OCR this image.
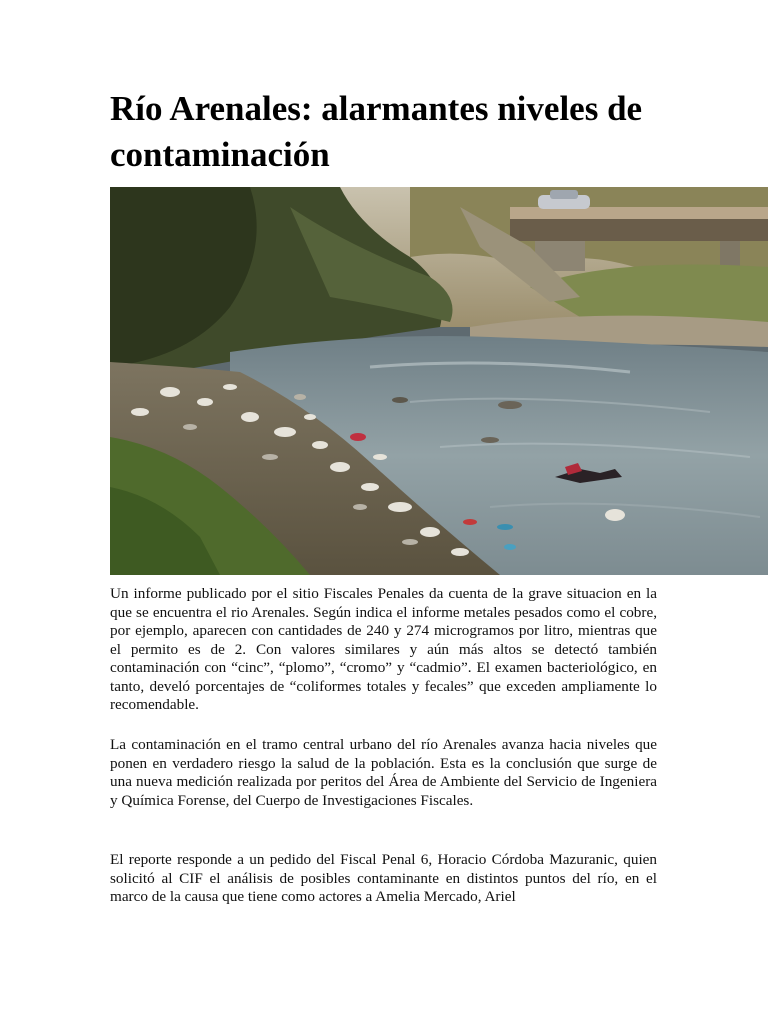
Río Arenales: alarmantes niveles de contaminación

Un informe publicado por el sitio Fiscales Penales da cuenta de la grave situacion en la que se encuentra el rio Arenales. Según indica el informe metales pesados como el cobre, por ejemplo, aparecen con cantidades de 240 y 274 microgramos por litro, mientras que el permito es de 2. Con valores similares y aún más altos se detectó también contaminación con “cinc”, “plomo”, “cromo” y “cadmio”. El examen bacteriológico, en tanto, develó porcentajes de “coliformes totales y fecales” que exceden ampliamente lo recomendable.

La contaminación en el tramo central urbano del río Arenales avanza hacia niveles que ponen en verdadero riesgo la salud de la población. Esta es la conclusión que surge de una nueva medición realizada por peritos del Área de Ambiente del Servicio de Ingeniera y Química Forense, del Cuerpo de Investigaciones Fiscales.

El reporte responde a un pedido del Fiscal Penal 6, Horacio Córdoba Mazuranic, quien solicitó al CIF el análisis de posibles contaminante en distintos puntos del río, en el marco de la causa que tiene como actores a Amelia Mercado, Ariel
